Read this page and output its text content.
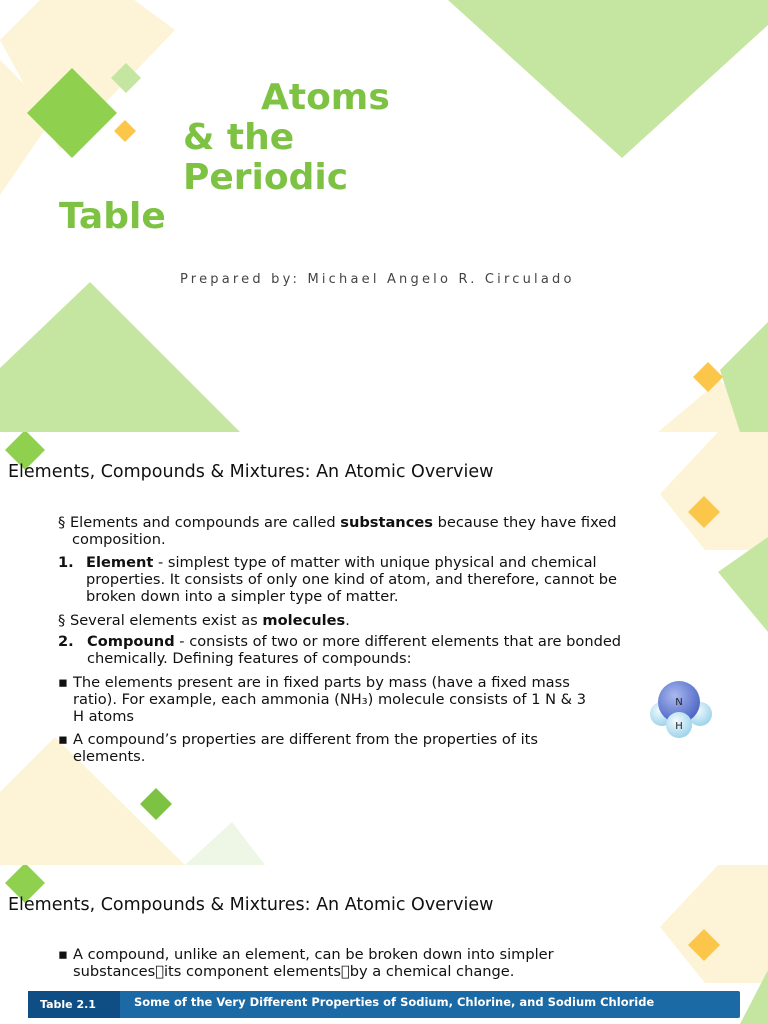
Atoms
& the
Periodic
Table
Prepared by: Michael Angelo R. Circulado
Elements, Compounds & Mixtures: An Atomic Overview
§ Elements and compounds are called substances because they have fixed
composition.
1. Element - simplest type of matter with unique physical and chemical
properties. It consists of only one kind of atom, and therefore, cannot be
broken down into a simpler type of matter.
§ Several elements exist as molecules.
2. Compound - consists of two or more different elements that are bonded
chemically. Defining features of compounds:
▪ The elements present are in fixed parts by mass (have a fixed mass
ratio). For example, each ammonia (NH₃) molecule consists of 1 N & 3
H atoms
▪ A compound’s properties are different from the properties of its
elements.
N
H
Elements, Compounds & Mixtures: An Atomic Overview
▪ A compound, unlike an element, can be broken down into simpler
substances its component elements by a chemical change.
Table 2.1	Some of the Very Different Properties of Sodium, Chlorine, and Sodium Chloride
